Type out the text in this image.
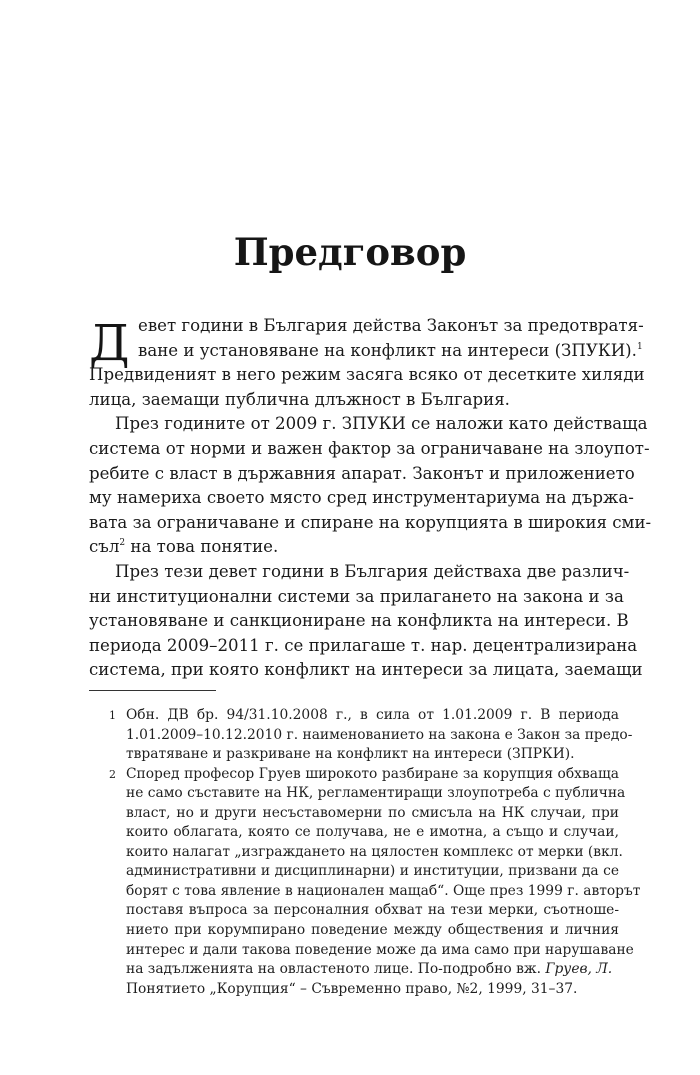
Предговор
Д евет години в България действа Законът за предотвратя-
ване и установяване на конфликт на интереси (ЗПУКИ).$^1$
Предвиденият в него режим засяга всяко от десетките хиляди
лица, заемащи публична длъжност в България.
През годините от 2009 г. ЗПУКИ се наложи като действаща
система от норми и важен фактор за ограничаване на злоупот-
ребите с власт в държавния апарат. Законът и приложението
му намериха своето място сред инструментариума на държа-
вата за ограничаване и спиране на корупцията в широкия сми-
съл$^2$ на това понятие.
През тези девет години в България действаха две различ-
ни институционални системи за прилагането на закона и за
установяване и санкциониране на конфликта на интереси. В
периода 2009–2011 г. се прилагаше т. нар. децентрализирана
система, при която конфликт на интереси за лицата, заемащи
1 Обн. ДВ бр. 94/31.10.2008 г., в сила от 1.01.2009 г. В периода
1.01.2009–10.12.2010 г. наименованието на закона е Закон за предо-
твратяване и разкриване на конфликт на интереси (ЗПРКИ).
2 Според професор Груев широкото разбиране за корупция обхваща
не само съставите на НК, регламентиращи злоупотреба с публична
власт, но и други несъставомерни по смисъла на НК случаи, при
които облагата, която се получава, не е имотна, а също и случаи,
които налагат „изграждането на цялостен комплекс от мерки (вкл.
административни и дисциплинарни) и институции, призвани да се
борят с това явление в национален мащаб“. Още през 1999 г. авторът
поставя въпроса за персоналния обхват на тези мерки, съотноше-
нието при корумпирано поведение между обществения и личния
интерес и дали такова поведение може да има само при нарушаване
на задълженията на овластеното лице. По-подробно вж. Груев, Л.
Понятието „Корупция“ – Съвременно право, №2, 1999, 31–37.
